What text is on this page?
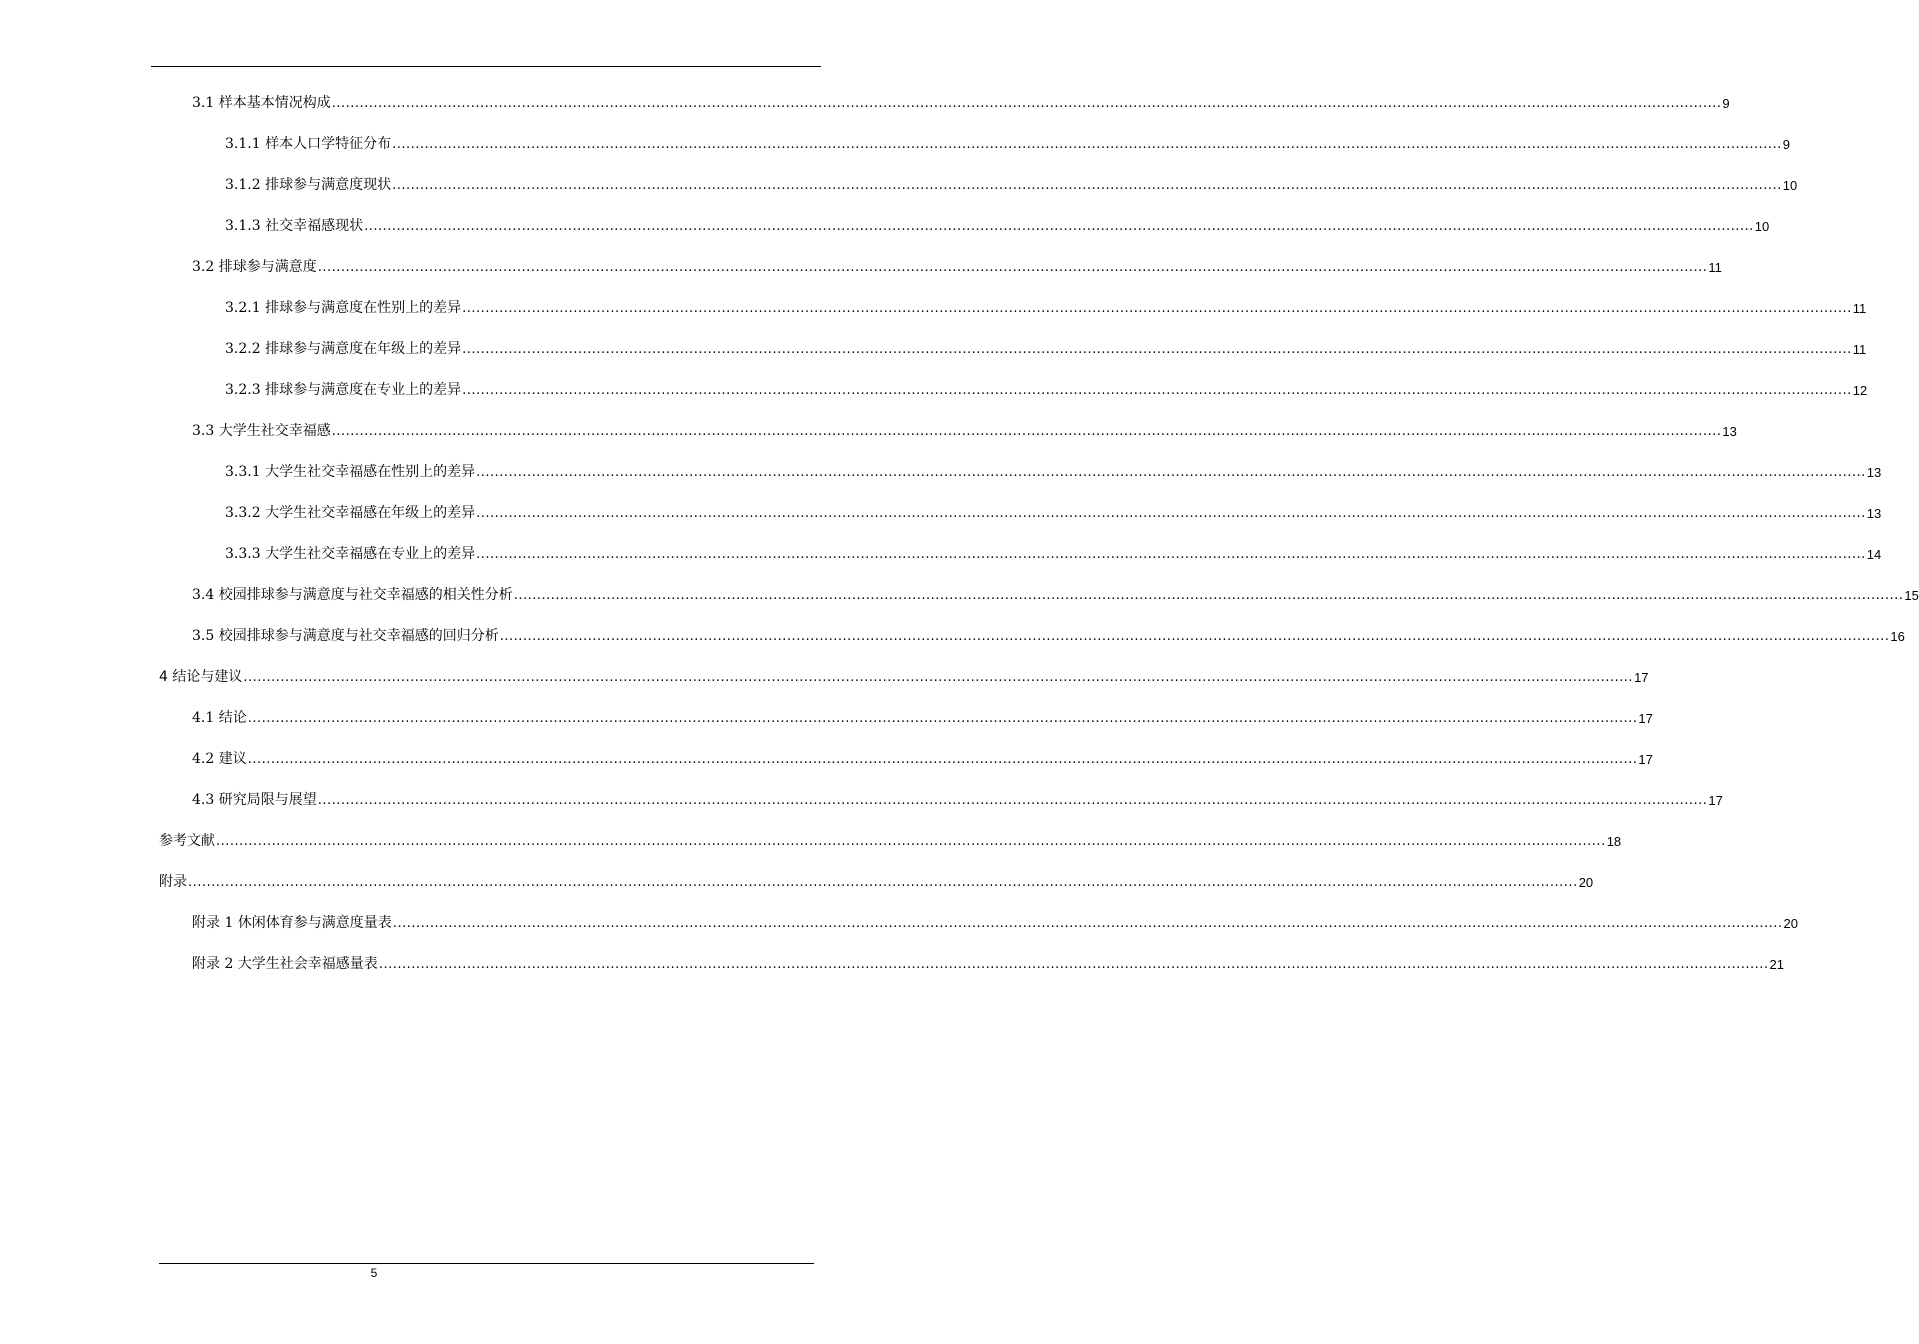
3.1 样本基本情况构成 ............................................................................................................................................................................................................................................................................................................ 9
3.1.1 样本人口学特征分布 ............................................................................................................................................................................................................................................................................................................ 9
3.1.2 排球参与满意度现状 ............................................................................................................................................................................................................................................................................................................ 10
3.1.3 社交幸福感现状 ............................................................................................................................................................................................................................................................................................................ 10
3.2 排球参与满意度 ............................................................................................................................................................................................................................................................................................................ 11
3.2.1 排球参与满意度在性别上的差异 ............................................................................................................................................................................................................................................................................................................ 11
3.2.2 排球参与满意度在年级上的差异 ............................................................................................................................................................................................................................................................................................................ 11
3.2.3 排球参与满意度在专业上的差异 ............................................................................................................................................................................................................................................................................................................ 12
3.3 大学生社交幸福感 ............................................................................................................................................................................................................................................................................................................ 13
3.3.1 大学生社交幸福感在性别上的差异 ............................................................................................................................................................................................................................................................................................................ 13
3.3.2 大学生社交幸福感在年级上的差异 ............................................................................................................................................................................................................................................................................................................ 13
3.3.3 大学生社交幸福感在专业上的差异 ............................................................................................................................................................................................................................................................................................................ 14
3.4 校园排球参与满意度与社交幸福感的相关性分析 ............................................................................................................................................................................................................................................................................................................ 15
3.5 校园排球参与满意度与社交幸福感的回归分析 ............................................................................................................................................................................................................................................................................................................ 16
4 结论与建议 ............................................................................................................................................................................................................................................................................................................ 17
4.1 结论 ............................................................................................................................................................................................................................................................................................................ 17
4.2 建议 ............................................................................................................................................................................................................................................................................................................ 17
4.3 研究局限与展望 ............................................................................................................................................................................................................................................................................................................ 17
参考文献 ............................................................................................................................................................................................................................................................................................................ 18
附录 ............................................................................................................................................................................................................................................................................................................ 20
附录 1 休闲体育参与满意度量表 ............................................................................................................................................................................................................................................................................................................ 20
附录 2 大学生社会幸福感量表 ............................................................................................................................................................................................................................................................................................................ 21
5
